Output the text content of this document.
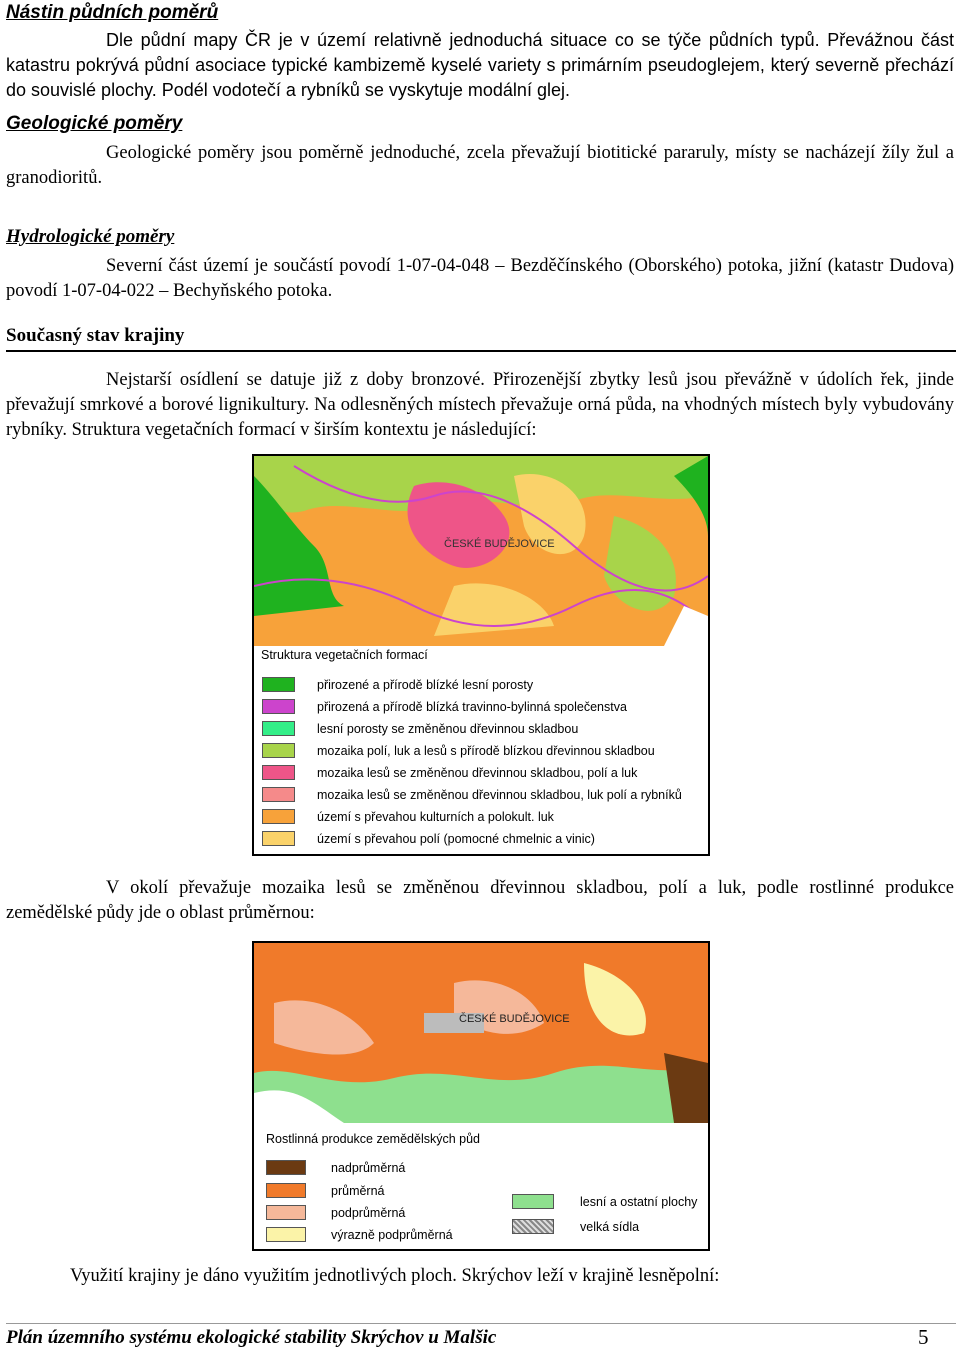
Nástin půdních poměrů
Dle půdní mapy ČR je v území relativně jednoduchá situace co se týče půdních typů. Převážnou část katastru pokrývá půdní asociace typické kambizemě kyselé variety s primárním pseudoglejem, který severně přechází do souvislé plochy. Podél vodotečí a rybníků se vyskytuje modální glej.
Geologické poměry
Geologické poměry jsou poměrně jednoduché, zcela převažují biotitické pararuly, místy se nacházejí žíly žul a granodioritů.
Hydrologické poměry
Severní část území je součástí povodí 1-07-04-048 – Bezděčínského (Oborského) potoka, jižní (katastr Dudova) povodí 1-07-04-022 – Bechyňského potoka.
Současný stav krajiny
Nejstarší osídlení se datuje již z doby bronzové. Přirozenější zbytky lesů jsou převážně v údolích řek, jinde převažují smrkové a borové lignikultury. Na odlesněných místech převažuje orná půda, na vhodných místech byly vybudovány rybníky. Struktura vegetačních formací v širším kontextu je následující:
ČESKÉ BUDĚJOVICE
Struktura vegetačních formací
přirozené a přírodě blízké lesní porosty
přirozená a přírodě blízká travinno-bylinná společenstva
lesní porosty se změněnou dřevinnou skladbou
mozaika polí, luk a lesů s přírodě blízkou dřevinnou skladbou
mozaika lesů se změněnou dřevinnou skladbou, polí a luk
mozaika lesů se změněnou dřevinnou skladbou, luk polí a rybníků
území s převahou kulturních a polokult. luk
území s převahou polí (pomocné chmelnic a vinic)
V okolí převažuje mozaika lesů se změněnou dřevinnou skladbou, polí a luk, podle rostlinné produkce zemědělské půdy jde o oblast průměrnou:
ČESKÉ BUDĚJOVICE
Rostlinná produkce zemědělských půd
nadprůměrná
průměrná
podprůměrná
výrazně podprůměrná
lesní a ostatní plochy
velká sídla
Využití krajiny je dáno využitím jednotlivých ploch. Skrýchov leží v krajině lesněpolní:
Plán územního systému ekologické stability Skrýchov u Malšic	5
